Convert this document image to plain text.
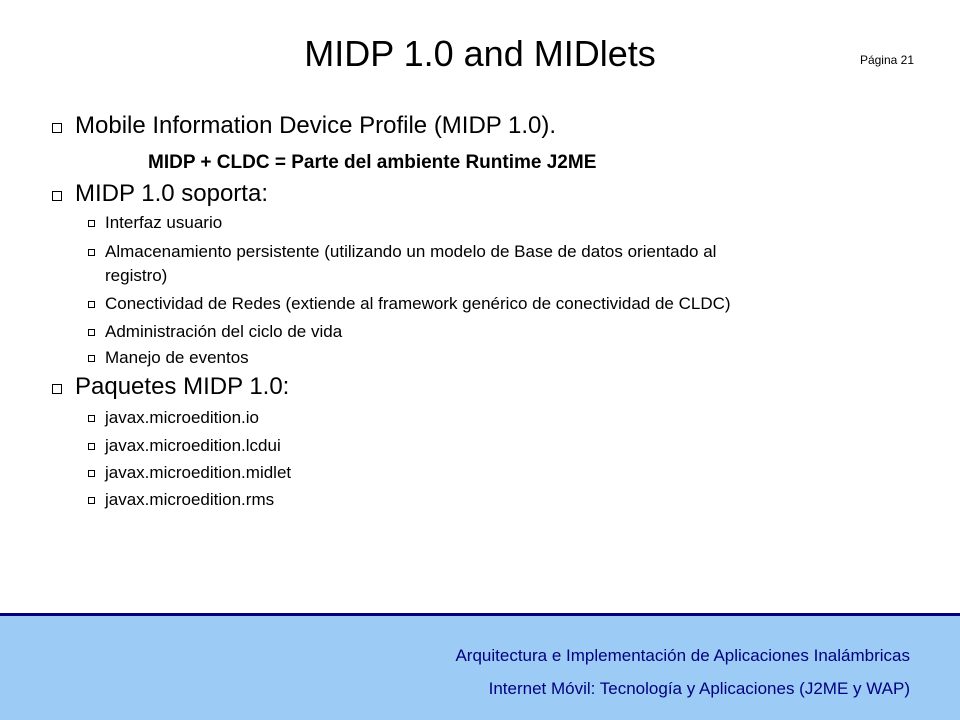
MIDP 1.0 and MIDlets	Página 21
Mobile Information Device Profile (MIDP 1.0).
MIDP + CLDC = Parte del ambiente Runtime J2ME
MIDP 1.0 soporta:
Interfaz usuario
Almacenamiento persistente (utilizando un modelo de Base de datos orientado al
registro)
Conectividad de Redes (extiende al framework genérico de conectividad de CLDC)
Administración del ciclo de vida
Manejo de eventos
Paquetes MIDP 1.0:
javax.microedition.io
javax.microedition.lcdui
javax.microedition.midlet
javax.microedition.rms
Arquitectura e Implementación de Aplicaciones Inalámbricas
Internet Móvil: Tecnología y Aplicaciones (J2ME y WAP)
